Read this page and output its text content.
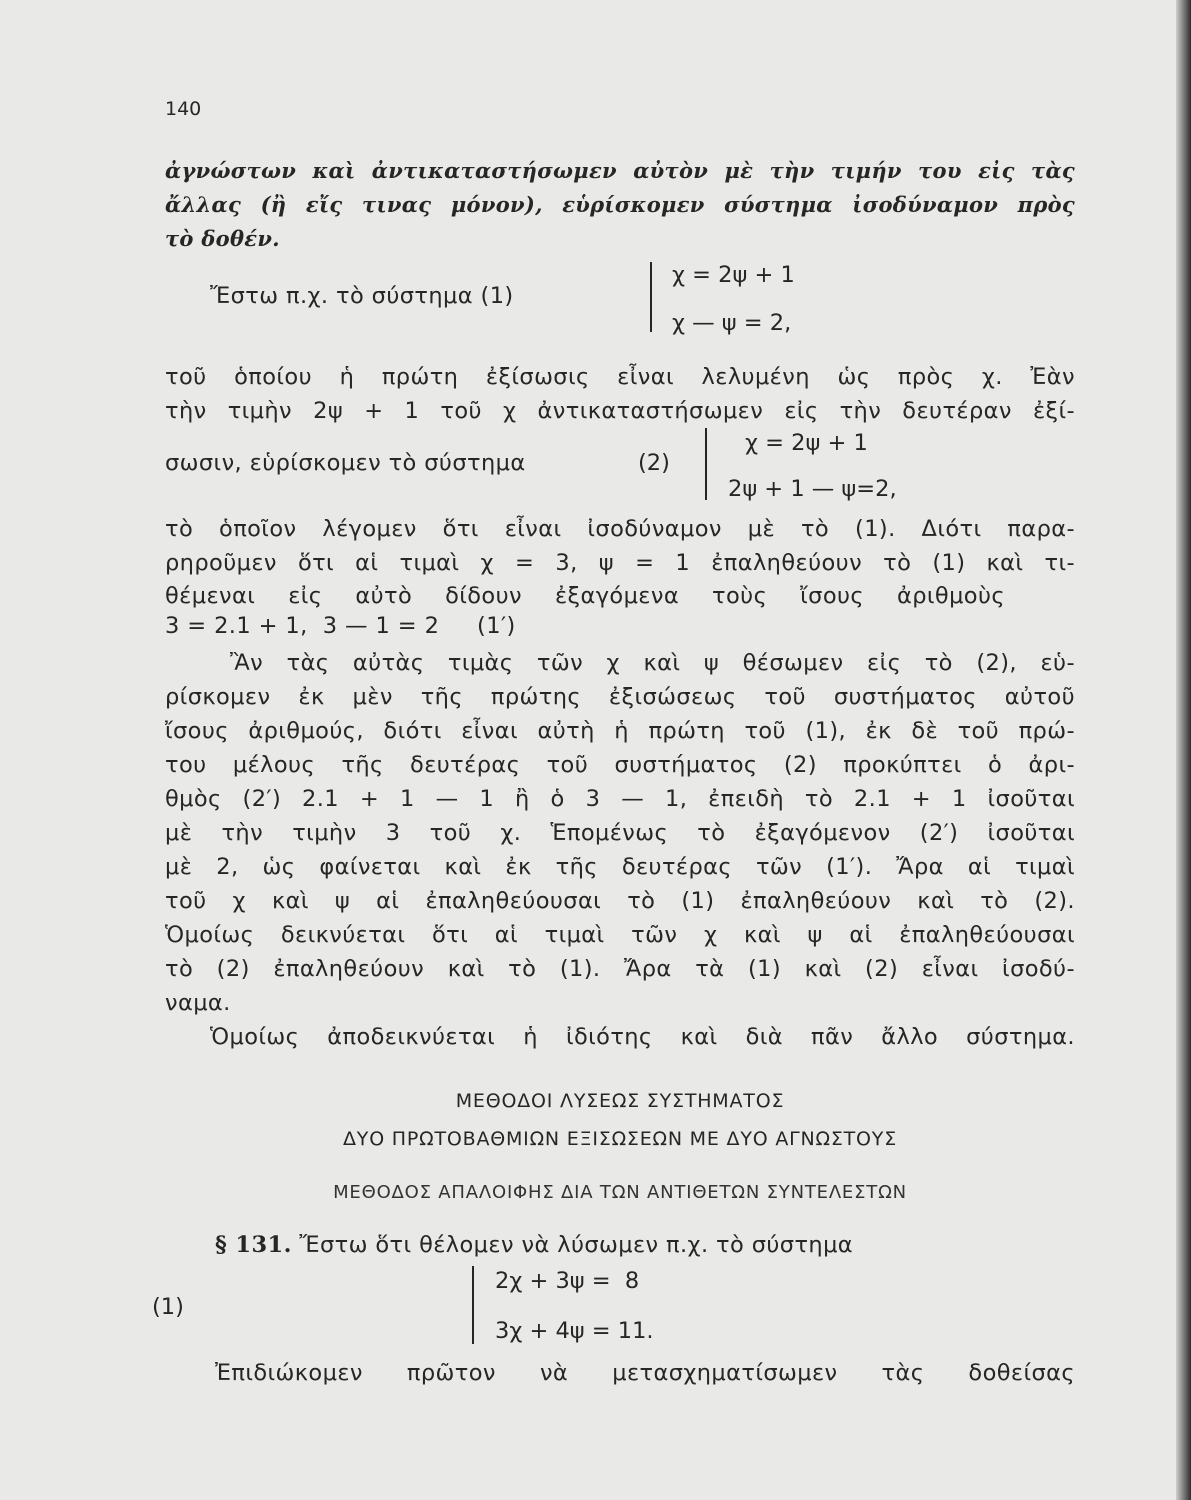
140
ἀγνώστων καὶ ἀντικαταστήσωμεν αὐτὸν μὲ τὴν τιμήν του εἰς τὰς
ἄλλας (ἢ εἴς τινας μόνον), εὑρίσκομεν σύστημα ἰσοδύναμον πρὸς
τὸ δοθέν.
Ἔστω π.χ. τὸ σύστημα (1)
χ = 2ψ + 1
χ — ψ = 2,
τοῦ ὁποίου ἡ πρώτη ἐξίσωσις εἶναι λελυμένη ὡς πρὸς χ. Ἐὰν
τὴν τιμὴν 2ψ + 1 τοῦ χ ἀντικαταστήσωμεν εἰς τὴν δευτέραν ἐξί-
σωσιν, εὑρίσκομεν τὸ σύστημα	(2)
χ = 2ψ + 1
2ψ + 1 — ψ=2,
τὸ ὁποῖον λέγομεν ὅτι εἶναι ἰσοδύναμον μὲ τὸ (1). Διότι παρα-
ρηροῦμεν ὅτι αἱ τιμαὶ χ = 3, ψ = 1 ἐπαληθεύουν τὸ (1) καὶ τι-
θέμεναι εἰς αὐτὸ δίδουν ἐξαγόμενα τοὺς ἴσους ἀριθμοὺς
3 = 2.1 + 1,  3 — 1 = 2     (1′)
Ἂν τὰς αὐτὰς τιμὰς τῶν χ καὶ ψ θέσωμεν εἰς τὸ (2), εὑ-
ρίσκομεν ἐκ μὲν τῆς πρώτης ἐξισώσεως τοῦ συστήματος αὐτοῦ
ἴσους ἀριθμούς, διότι εἶναι αὐτὴ ἡ πρώτη τοῦ (1), ἐκ δὲ τοῦ πρώ-
του μέλους τῆς δευτέρας τοῦ συστήματος (2) προκύπτει ὁ ἀρι-
θμὸς (2′) 2.1 + 1 — 1 ἢ ὁ 3 — 1, ἐπειδὴ τὸ 2.1 + 1 ἰσοῦται
μὲ τὴν τιμὴν 3 τοῦ χ. Ἑπομένως τὸ ἐξαγόμενον (2′) ἰσοῦται
μὲ 2, ὡς φαίνεται καὶ ἐκ τῆς δευτέρας τῶν (1′). Ἄρα αἱ τιμαὶ
τοῦ χ καὶ ψ αἱ ἐπαληθεύουσαι τὸ (1) ἐπαληθεύουν καὶ τὸ (2).
Ὁμοίως δεικνύεται ὅτι αἱ τιμαὶ τῶν χ καὶ ψ αἱ ἐπαληθεύουσαι
τὸ (2) ἐπαληθεύουν καὶ τὸ (1). Ἄρα τὰ (1) καὶ (2) εἶναι ἰσοδύ-
ναμα.
Ὁμοίως ἀποδεικνύεται ἡ ἰδιότης καὶ διὰ πᾶν ἄλλο σύστημα.
ΜΕΘΟΔΟΙ ΛΥΣΕΩΣ ΣΥΣΤΗΜΑΤΟΣ
ΔΥΟ ΠΡΩΤΟΒΑΘΜΙΩΝ ΕΞΙΣΩΣΕΩΝ ΜΕ ΔΥΟ ΑΓΝΩΣΤΟΥΣ
ΜΕΘΟΔΟΣ ΑΠΑΛΟΙΦΗΣ ΔΙΑ ΤΩΝ ΑΝΤΙΘΕΤΩΝ ΣΥΝΤΕΛΕΣΤΩΝ
§ 131. Ἔστω ὅτι θέλομεν νὰ λύσωμεν π.χ. τὸ σύστημα
(1)
2χ + 3ψ =  8
3χ + 4ψ = 11.
Ἐπιδιώκομεν πρῶτον νὰ μετασχηματίσωμεν τὰς δοθείσας
